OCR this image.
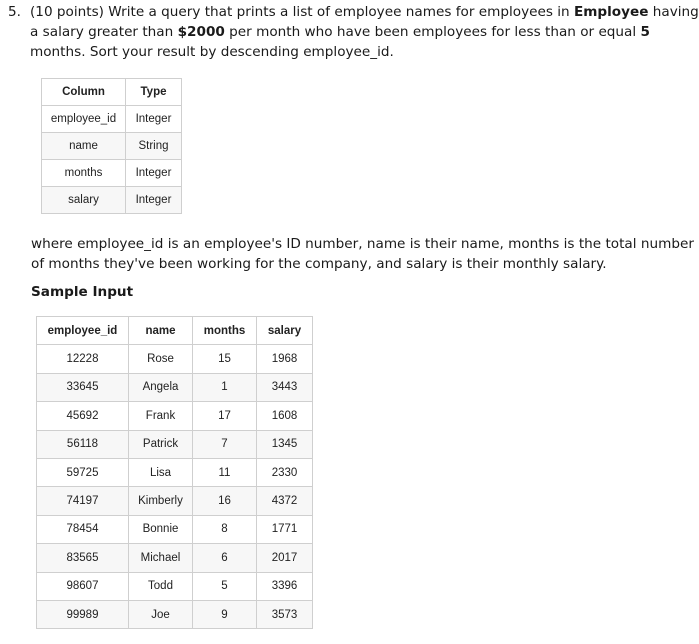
5. (10 points) Write a query that prints a list of employee names for employees in Employee having
a salary greater than $2000 per month who have been employees for less than or equal 5
months. Sort your result by descending employee_id.
Column	Type
employee_id	Integer
name	String
months	Integer
salary	Integer
where employee_id is an employee's ID number, name is their name, months is the total number
of months they've been working for the company, and salary is their monthly salary.
Sample Input
employee_id	name	months	salary
12228	Rose	15	1968
33645	Angela	1	3443
45692	Frank	17	1608
56118	Patrick	7	1345
59725	Lisa	11	2330
74197	Kimberly	16	4372
78454	Bonnie	8	1771
83565	Michael	6	2017
98607	Todd	5	3396
99989	Joe	9	3573
